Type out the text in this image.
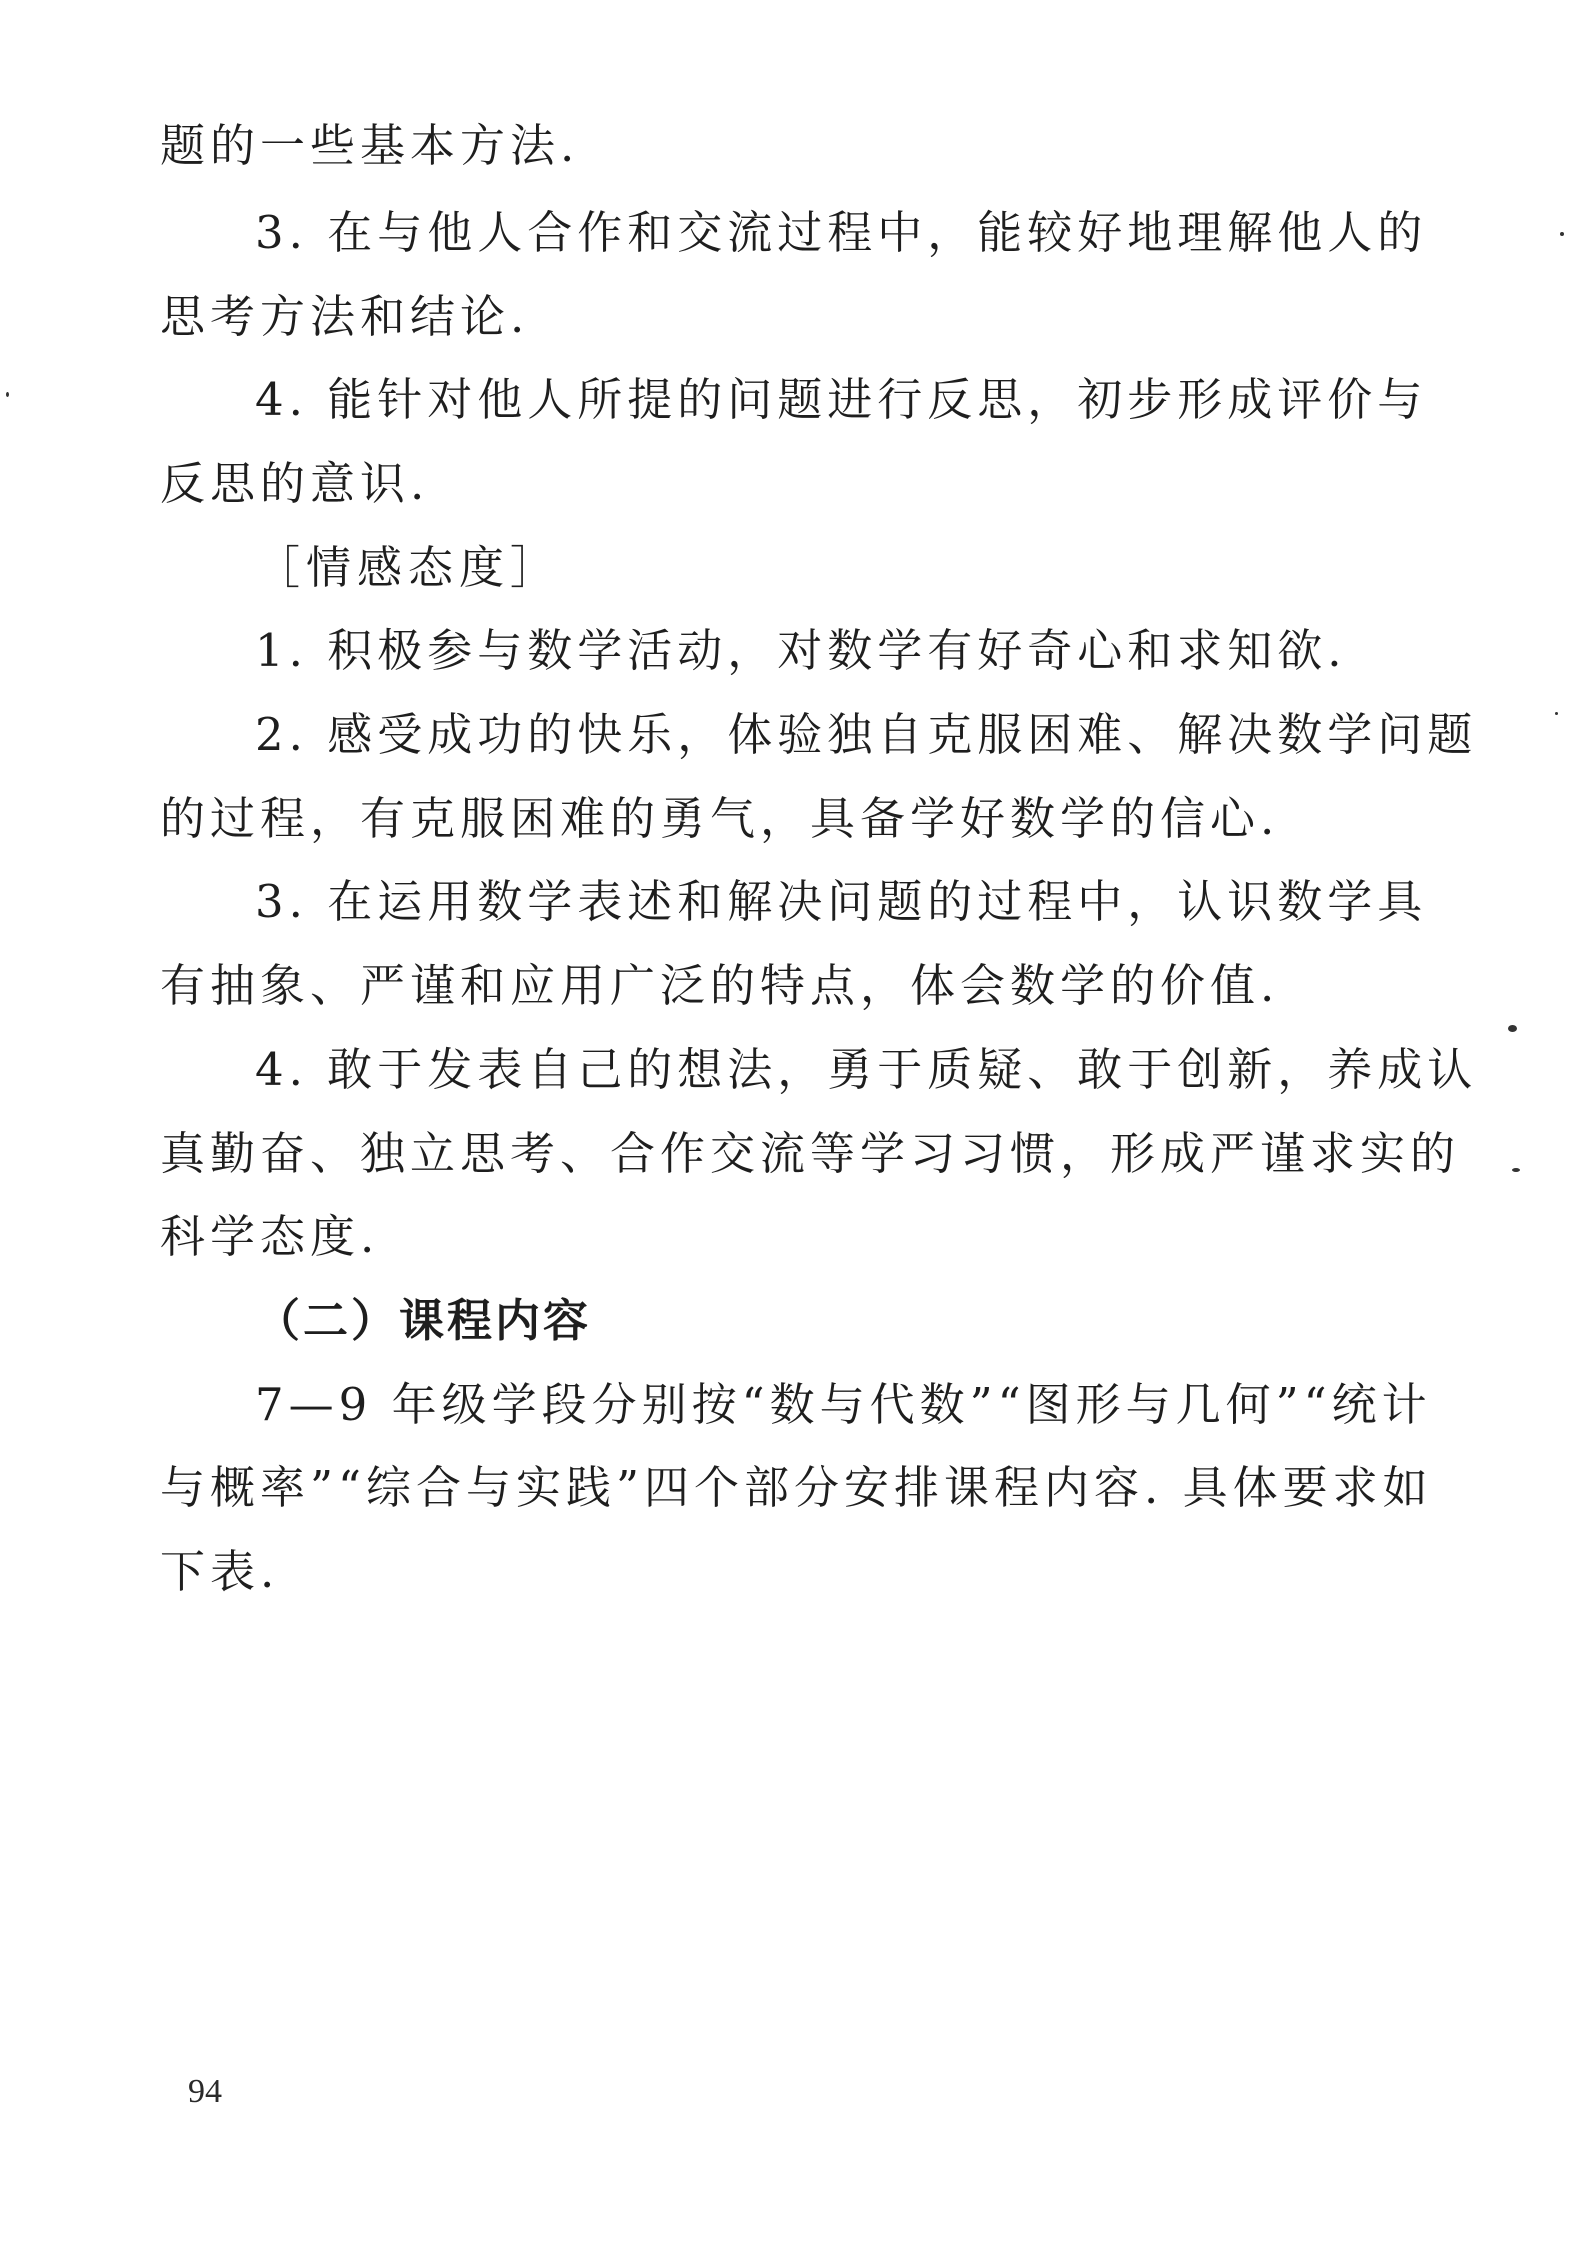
题的一些基本方法.
3. 在与他人合作和交流过程中，能较好地理解他人的
思考方法和结论.
4. 能针对他人所提的问题进行反思，初步形成评价与
反思的意识.
［情感态度］
1. 积极参与数学活动，对数学有好奇心和求知欲.
2. 感受成功的快乐，体验独自克服困难、解决数学问题
的过程，有克服困难的勇气，具备学好数学的信心.
3. 在运用数学表述和解决问题的过程中，认识数学具
有抽象、严谨和应用广泛的特点，体会数学的价值.
4. 敢于发表自己的想法，勇于质疑、敢于创新，养成认
真勤奋、独立思考、合作交流等学习习惯，形成严谨求实的
科学态度.
（二）课程内容
7—9 年级学段分别按“数与代数”“图形与几何”“统计
与概率”“综合与实践”四个部分安排课程内容. 具体要求如
下表.
94
